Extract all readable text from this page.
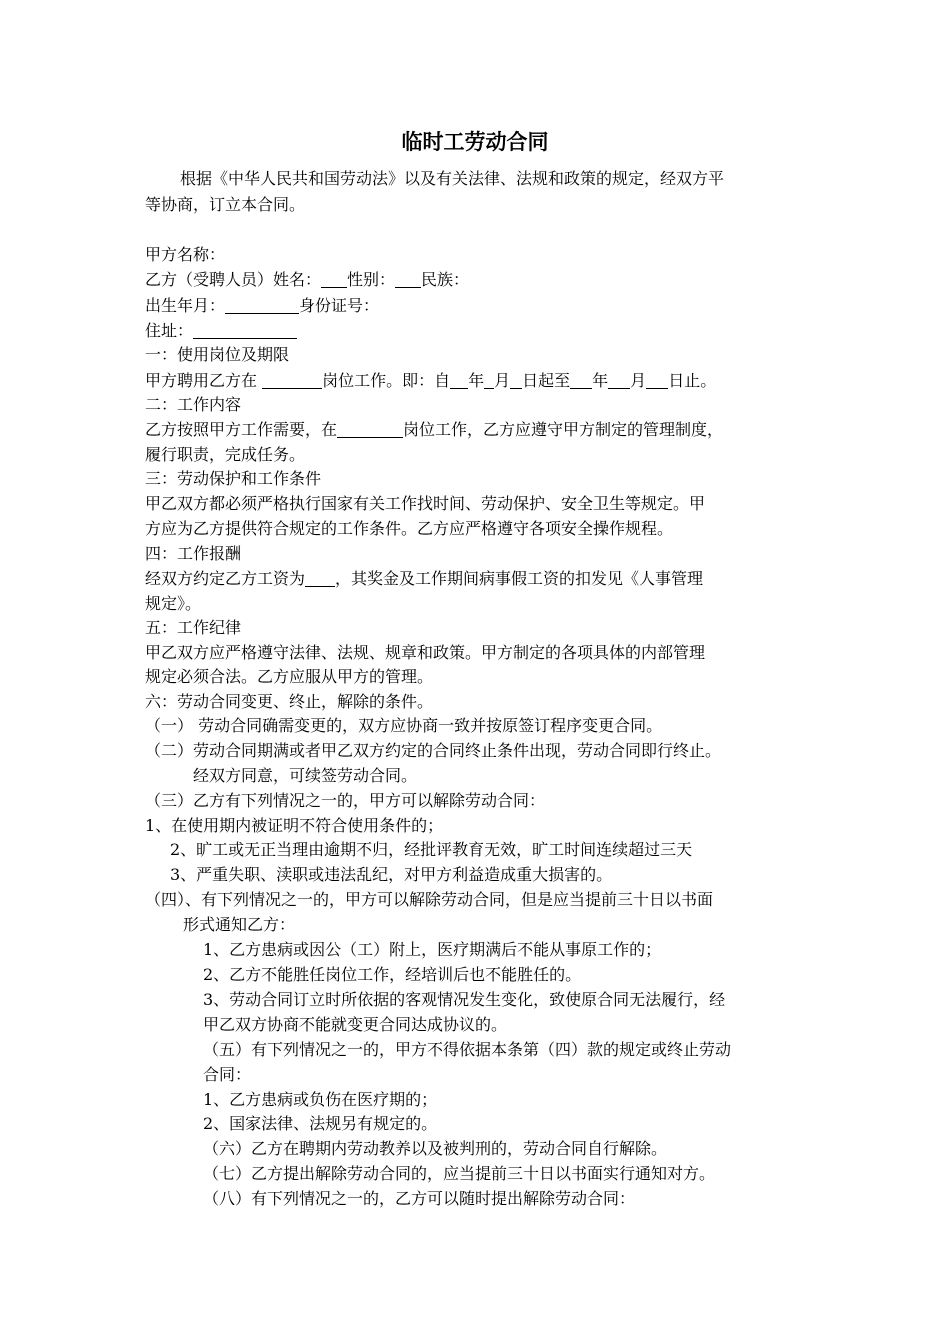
临时工劳动合同

根据《中华人民共和国劳动法》以及有关法律、法规和政策的规定，经双方平

等协商，订立本合同。

甲方名称：

乙方（受聘人员）姓名： 性别： 民族：

出生年月：	身份证号：

住址：

一：使用岗位及期限

甲方聘用乙方在	岗位工作。即：自 年 月 日起至 年 月 日止。

二：工作内容

乙方按照甲方工作需要，在	岗位工作，乙方应遵守甲方制定的管理制度，

履行职责，完成任务。

三：劳动保护和工作条件

甲乙双方都必须严格执行国家有关工作找时间、劳动保护、安全卫生等规定。甲

方应为乙方提供符合规定的工作条件。乙方应严格遵守各项安全操作规程。

四：工作报酬

经双方约定乙方工资为 ，其奖金及工作期间病事假工资的扣发见《人事管理

规定》。

五：工作纪律

甲乙双方应严格遵守法律、法规、规章和政策。甲方制定的各项具体的内部管理

规定必须合法。乙方应服从甲方的管理。

六：劳动合同变更、终止，解除的条件。

（一） 劳动合同确需变更的，双方应协商一致并按原签订程序变更合同。

（二）劳动合同期满或者甲乙双方约定的合同终止条件出现，劳动合同即行终止。

经双方同意，可续签劳动合同。

（三）乙方有下列情况之一的，甲方可以解除劳动合同：

1、在使用期内被证明不符合使用条件的；

2、旷工或无正当理由逾期不归，经批评教育无效，旷工时间连续超过三天

3、严重失职、渎职或违法乱纪，对甲方利益造成重大损害的。

（四）、有下列情况之一的，甲方可以解除劳动合同，但是应当提前三十日以书面

形式通知乙方：

1、乙方患病或因公（工）附上，医疗期满后不能从事原工作的；

2、乙方不能胜任岗位工作，经培训后也不能胜任的。

3、劳动合同订立时所依据的客观情况发生变化，致使原合同无法履行，经

甲乙双方协商不能就变更合同达成协议的。

（五）有下列情况之一的，甲方不得依据本条第（四）款的规定或终止劳动

合同：

1、乙方患病或负伤在医疗期的；

2、国家法律、法规另有规定的。

（六）乙方在聘期内劳动教养以及被判刑的，劳动合同自行解除。

（七）乙方提出解除劳动合同的，应当提前三十日以书面实行通知对方。

（八）有下列情况之一的，乙方可以随时提出解除劳动合同：
